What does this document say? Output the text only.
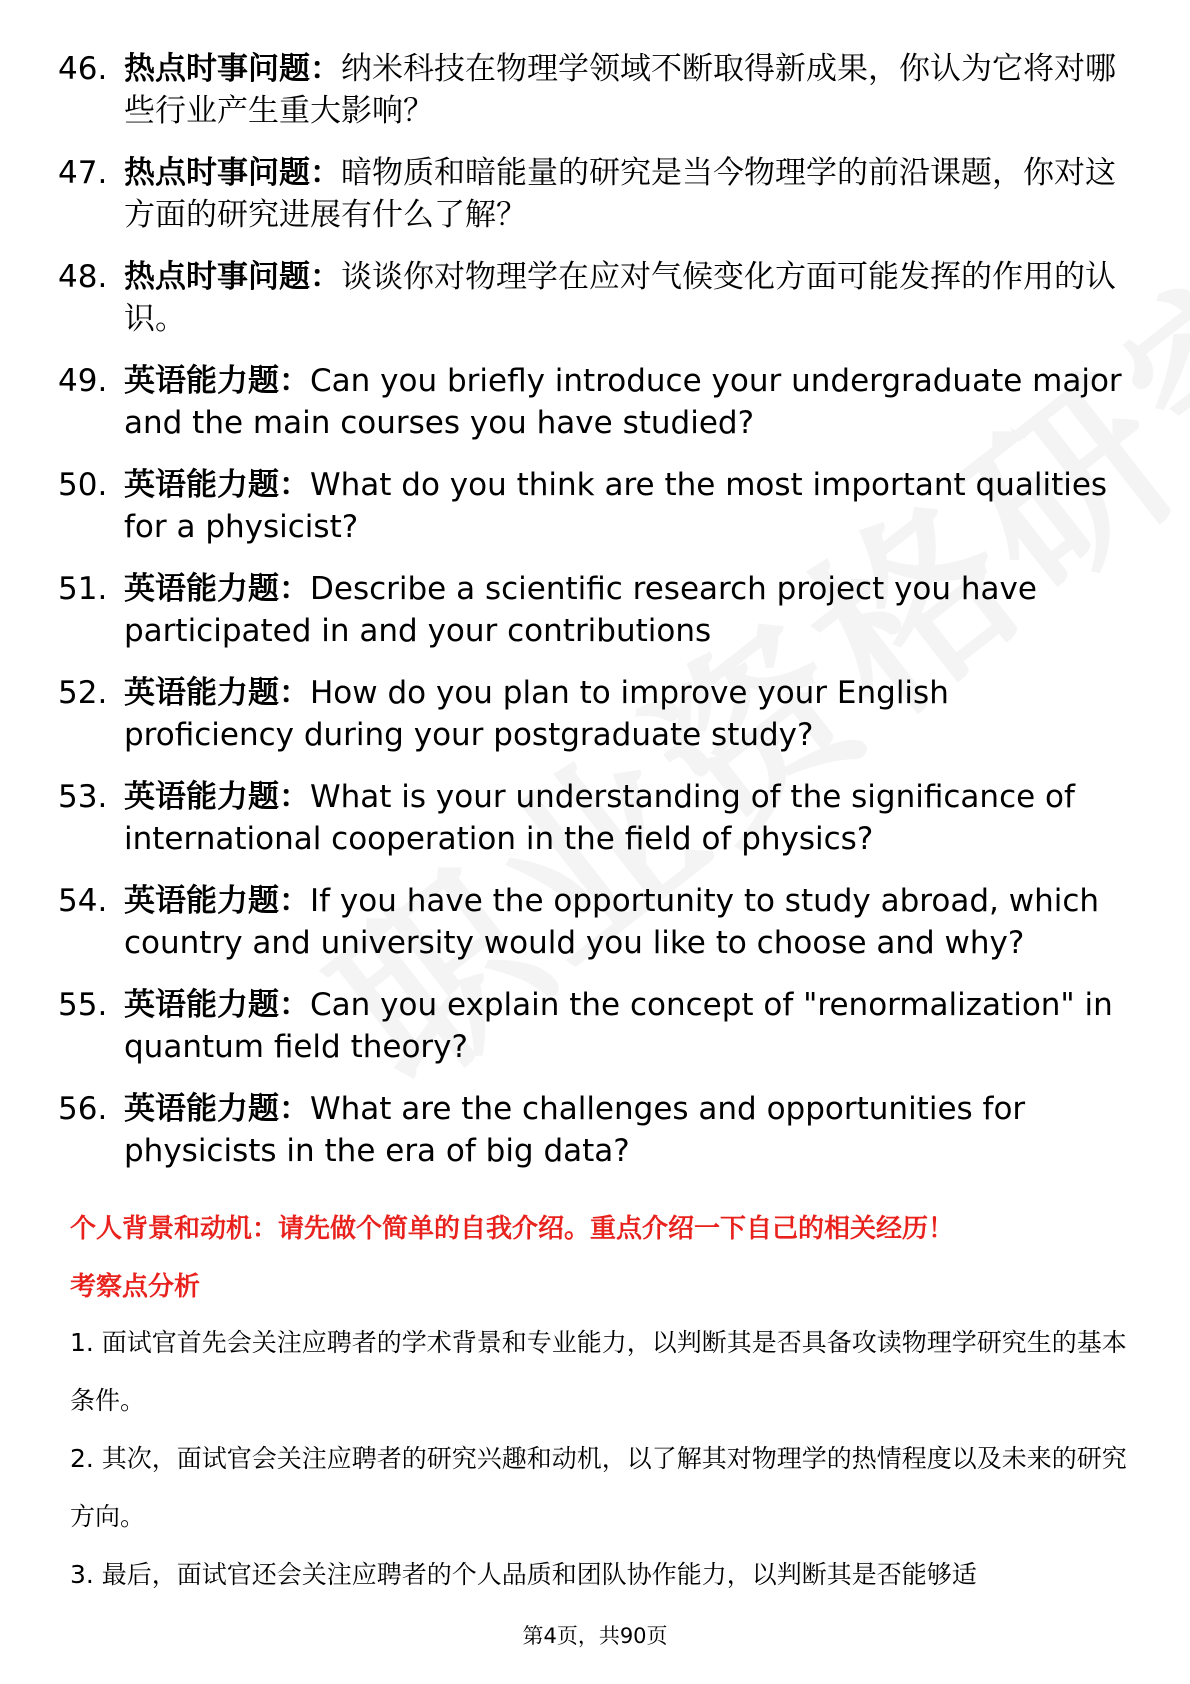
46. 热点时事问题：纳米科技在物理学领域不断取得新成果，你认为它将对哪些行业产生重大影响？
47. 热点时事问题：暗物质和暗能量的研究是当今物理学的前沿课题，你对这方面的研究进展有什么了解？
48. 热点时事问题：谈谈你对物理学在应对气候变化方面可能发挥的作用的认识。
49. 英语能力题：Can you briefly introduce your undergraduate major and the main courses you have studied?
50. 英语能力题：What do you think are the most important qualities for a physicist?
51. 英语能力题：Describe a scientific research project you have participated in and your contributions
52. 英语能力题：How do you plan to improve your English proficiency during your postgraduate study?
53. 英语能力题：What is your understanding of the significance of international cooperation in the field of physics?
54. 英语能力题：If you have the opportunity to study abroad, which country and university would you like to choose and why?
55. 英语能力题：Can you explain the concept of "renormalization" in quantum field theory?
56. 英语能力题：What are the challenges and opportunities for physicists in the era of big data?
个人背景和动机：请先做个简单的自我介绍。重点介绍一下自己的相关经历！
考察点分析
1. 面试官首先会关注应聘者的学术背景和专业能力，以判断其是否具备攻读物理学研究生的基本条件。
2. 其次，面试官会关注应聘者的研究兴趣和动机，以了解其对物理学的热情程度以及未来的研究方向。
3. 最后，面试官还会关注应聘者的个人品质和团队协作能力，以判断其是否能够适
第4页，共90页
